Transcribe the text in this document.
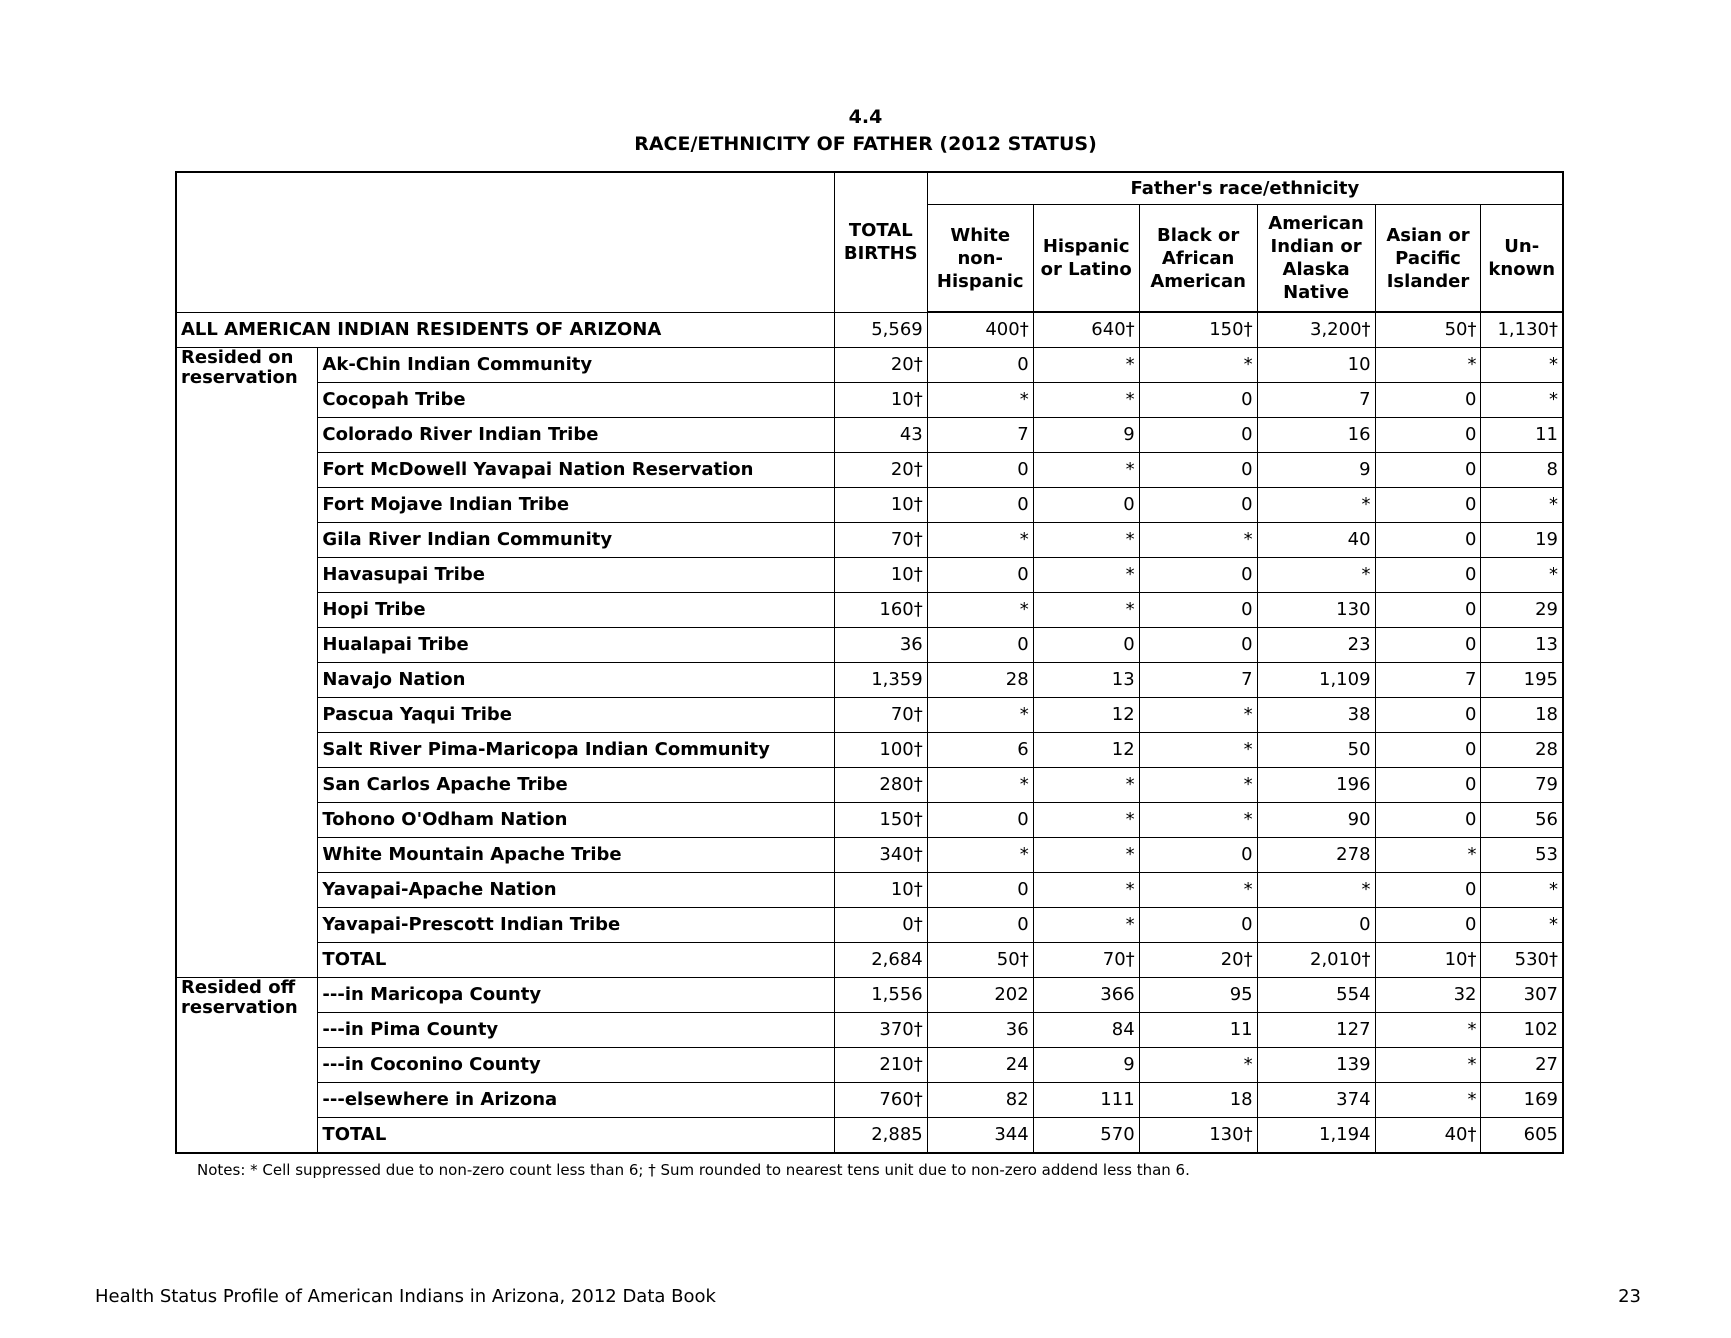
4.4
RACE/ETHNICITY OF FATHER (2012 STATUS)
		TOTAL BIRTHS	Father's race/ethnicity					
			White non-Hispanic	Hispanic or Latino	Black or African American	American Indian or Alaska Native	Asian or Pacific Islander	Un-known
ALL AMERICAN INDIAN RESIDENTS OF ARIZONA		5,569	400†	640†	150†	3,200†	50†	1,130†
Resided on reservation	Ak-Chin Indian Community	20†	0	*	*	10	*	*
	Cocopah Tribe	10†	*	*	0	7	0	*
	Colorado River Indian Tribe	43	7	9	0	16	0	11
	Fort McDowell Yavapai Nation Reservation	20†	0	*	0	9	0	8
	Fort Mojave Indian Tribe	10†	0	0	0	*	0	*
	Gila River Indian Community	70†	*	*	*	40	0	19
	Havasupai Tribe	10†	0	*	0	*	0	*
	Hopi Tribe	160†	*	*	0	130	0	29
	Hualapai Tribe	36	0	0	0	23	0	13
	Navajo Nation	1,359	28	13	7	1,109	7	195
	Pascua Yaqui Tribe	70†	*	12	*	38	0	18
	Salt River Pima-Maricopa Indian Community	100†	6	12	*	50	0	28
	San Carlos Apache Tribe	280†	*	*	*	196	0	79
	Tohono O'Odham Nation	150†	0	*	*	90	0	56
	White Mountain Apache Tribe	340†	*	*	0	278	*	53
	Yavapai-Apache Nation	10†	0	*	*	*	0	*
	Yavapai-Prescott Indian Tribe	0†	0	*	0	0	0	*
	TOTAL	2,684	50†	70†	20†	2,010†	10†	530†
Resided off reservation	---in Maricopa County	1,556	202	366	95	554	32	307
	---in Pima County	370†	36	84	11	127	*	102
	---in Coconino County	210†	24	9	*	139	*	27
	---elsewhere in Arizona	760†	82	111	18	374	*	169
	TOTAL	2,885	344	570	130†	1,194	40†	605
Notes: * Cell suppressed due to non-zero count less than 6; † Sum rounded to nearest tens unit due to non-zero addend less than 6.
Health Status Profile of American Indians in Arizona, 2012 Data Book	23
